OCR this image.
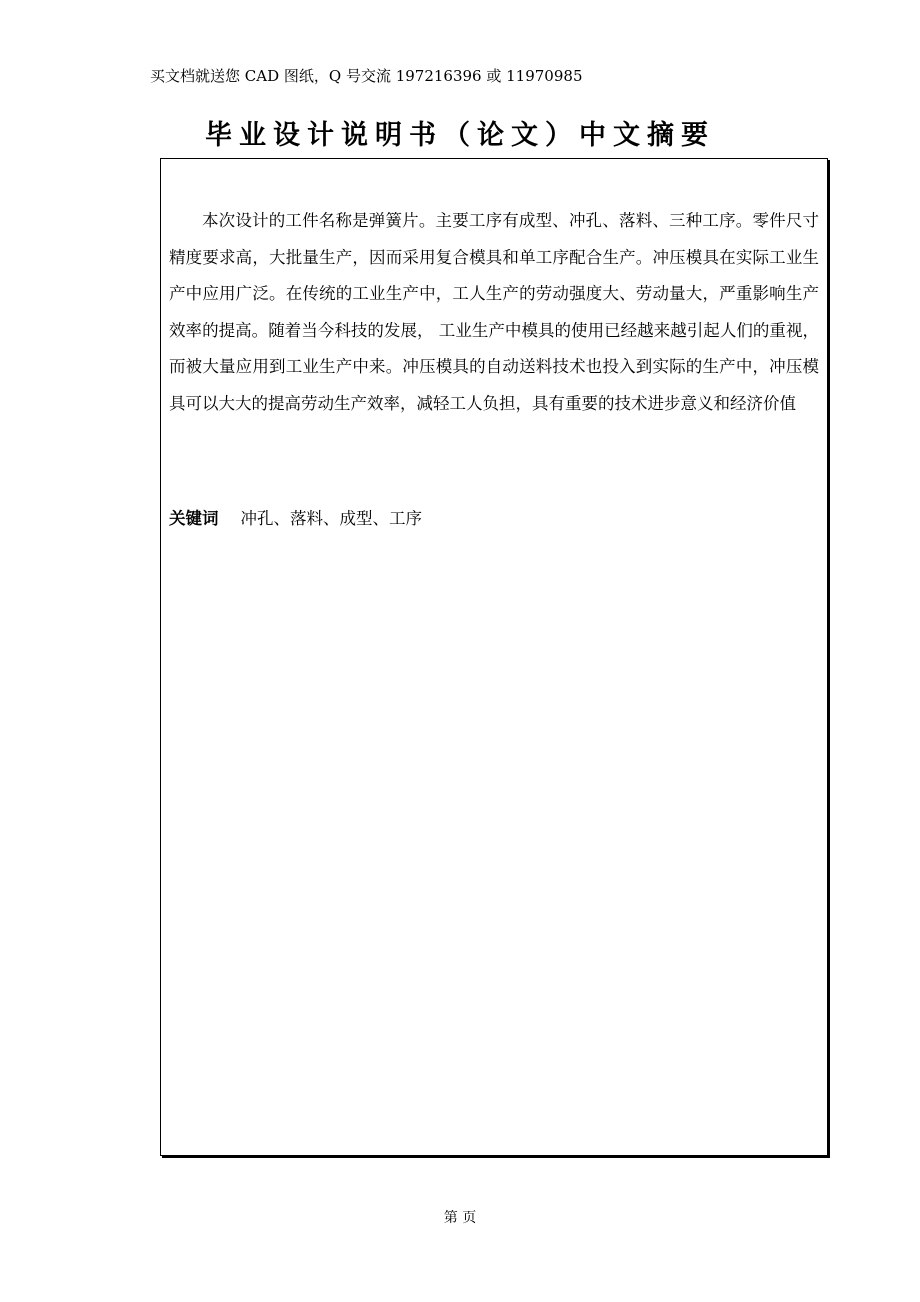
买文档就送您 CAD 图纸，Q 号交流 197216396 或 11970985
毕业设计说明书（论文）中文摘要

本次设计的工件名称是弹簧片。主要工序有成型、冲孔、落料、三种工序。零件尺寸精度要求高，大批量生产，因而采用复合模具和单工序配合生产。冲压模具在实际工业生产中应用广泛。在传统的工业生产中，工人生产的劳动强度大、劳动量大，严重影响生产效率的提高。随着当今科技的发展， 工业生产中模具的使用已经越来越引起人们的重视，而被大量应用到工业生产中来。冲压模具的自动送料技术也投入到实际的生产中，冲压模具可以大大的提高劳动生产效率，减轻工人负担，具有重要的技术进步意义和经济价值

关键词 冲孔、落料、成型、工序
第 页
